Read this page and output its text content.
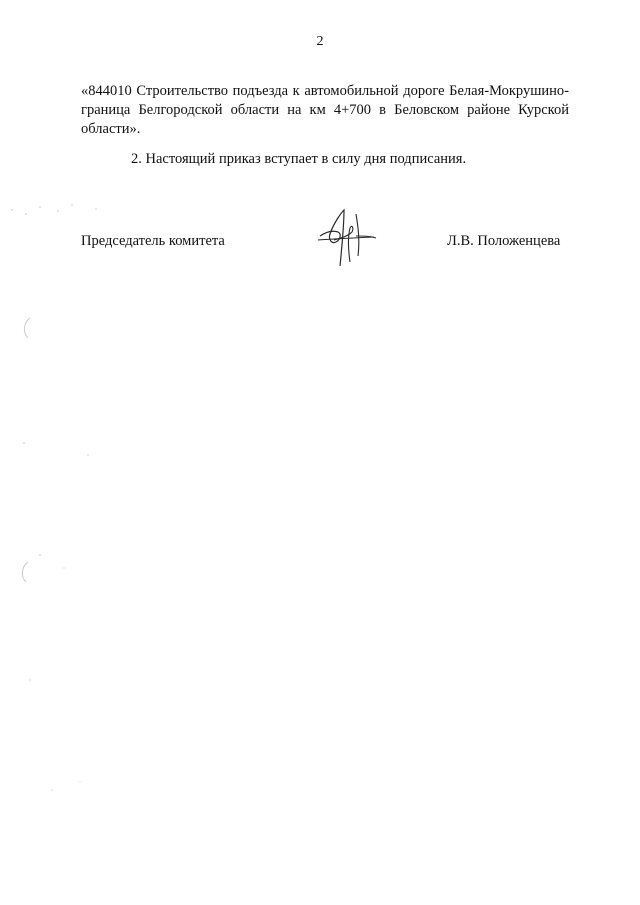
2

«844010 Строительство подъезда к автомобильной дороге Белая-Мокрушино-граница Белгородской области на км 4+700 в Беловском районе Курской области».

2. Настоящий приказ вступает в силу дня подписания.

Председатель комитета	Л.В. Положенцева
